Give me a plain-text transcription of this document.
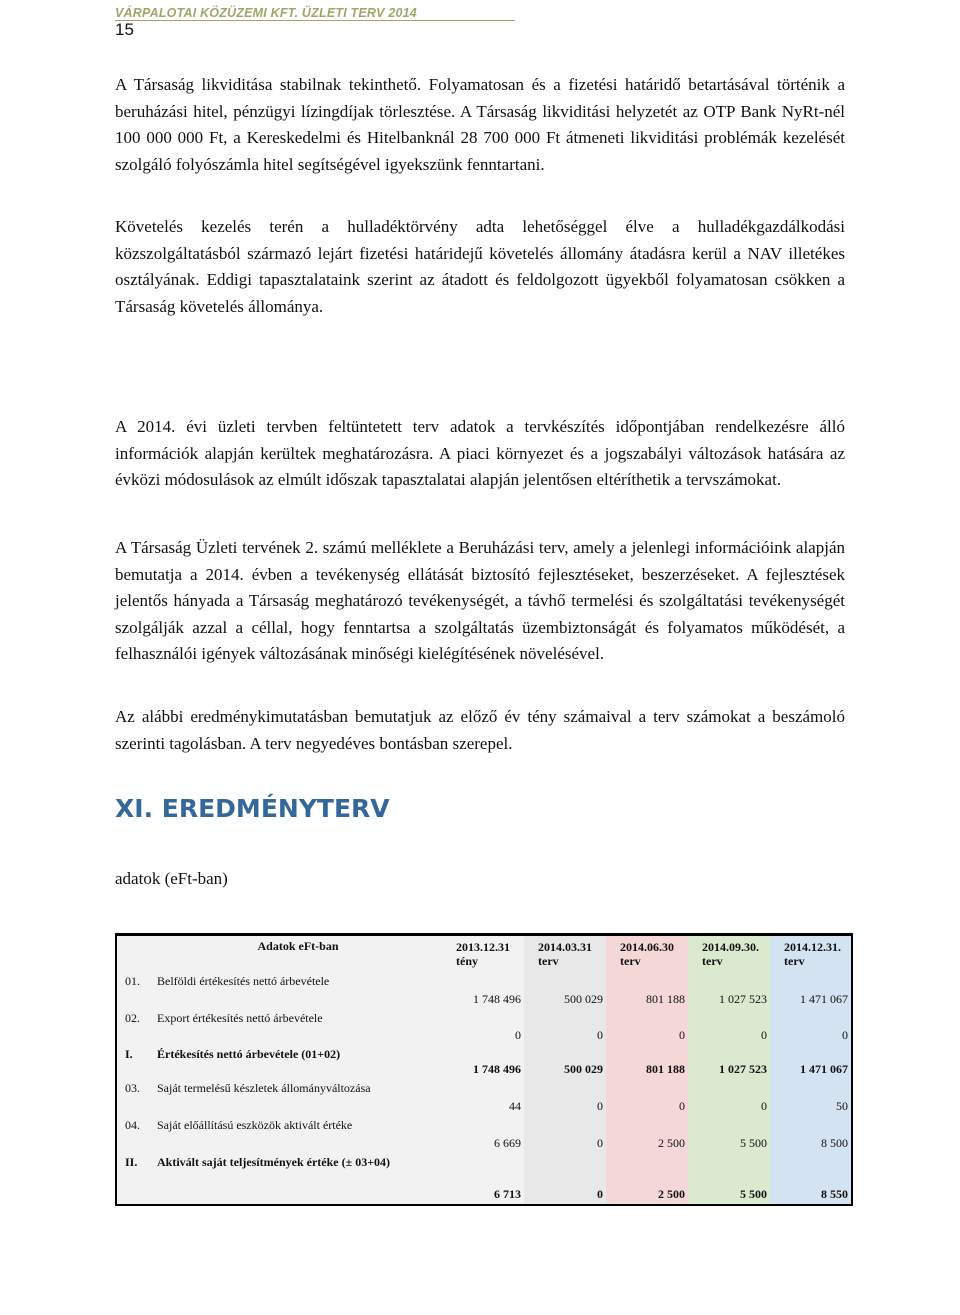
VÁRPALOTAI KÖZÜZEMI KFT. ÜZLETI TERV 2014
15

A Társaság likviditása stabilnak tekinthető. Folyamatosan és a fizetési határidő betartásával történik a beruházási hitel, pénzügyi lízingdíjak törlesztése. A Társaság likviditási helyzetét az OTP Bank NyRt-nél 100 000 000 Ft, a Kereskedelmi és Hitelbanknál 28 700 000 Ft átmeneti likviditási problémák kezelését szolgáló folyószámla hitel segítségével igyekszünk fenntartani.

Követelés kezelés terén a hulladéktörvény adta lehetőséggel élve a hulladékgazdálkodási közszolgáltatásból származó lejárt fizetési határidejű követelés állomány átadásra kerül a NAV illetékes osztályának. Eddigi tapasztalataink szerint az átadott és feldolgozott ügyekből folyamatosan csökken a Társaság követelés állománya.

A 2014. évi üzleti tervben feltüntetett terv adatok a tervkészítés időpontjában rendelkezésre álló információk alapján kerültek meghatározásra. A piaci környezet és a jogszabályi változások hatására az évközi módosulások az elmúlt időszak tapasztalatai alapján jelentősen eltéríthetik a tervszámokat.

A Társaság Üzleti tervének 2. számú melléklete a Beruházási terv, amely a jelenlegi információink alapján bemutatja a 2014. évben a tevékenység ellátását biztosító fejlesztéseket, beszerzéseket. A fejlesztések jelentős hányada a Társaság meghatározó tevékenységét, a távhő termelési és szolgáltatási tevékenységét szolgálják azzal a céllal, hogy fenntartsa a szolgáltatás üzembiztonságát és folyamatos működését, a felhasználói igények változásának minőségi kielégítésének növelésével.

Az alábbi eredménykimutatásban bemutatjuk az előző év tény számaival a terv számokat a beszámoló szerinti tagolásban. A terv negyedéves bontásban szerepel.

XI. EREDMÉNYTERV

adatok (eFt-ban)

	Adatok eFt-ban	2013.12.31 tény	2014.03.31 terv	2014.06.30 terv	2014.09.30. terv	2014.12.31. terv
01.	Belföldi értékesítés nettó árbevétele	1 748 496	500 029	801 188	1 027 523	1 471 067
02.	Export értékesítés nettó árbevétele	0	0	0	0	0
I.	Értékesítés nettó árbevétele (01+02)	1 748 496	500 029	801 188	1 027 523	1 471 067
03.	Saját termelésű készletek állományváltozása	44	0	0	0	50
04.	Saját előállítású eszközök aktivált értéke	6 669	0	2 500	5 500	8 500
II.	Aktivált saját teljesítmények értéke (± 03+04)	6 713	0	2 500	5 500	8 550
